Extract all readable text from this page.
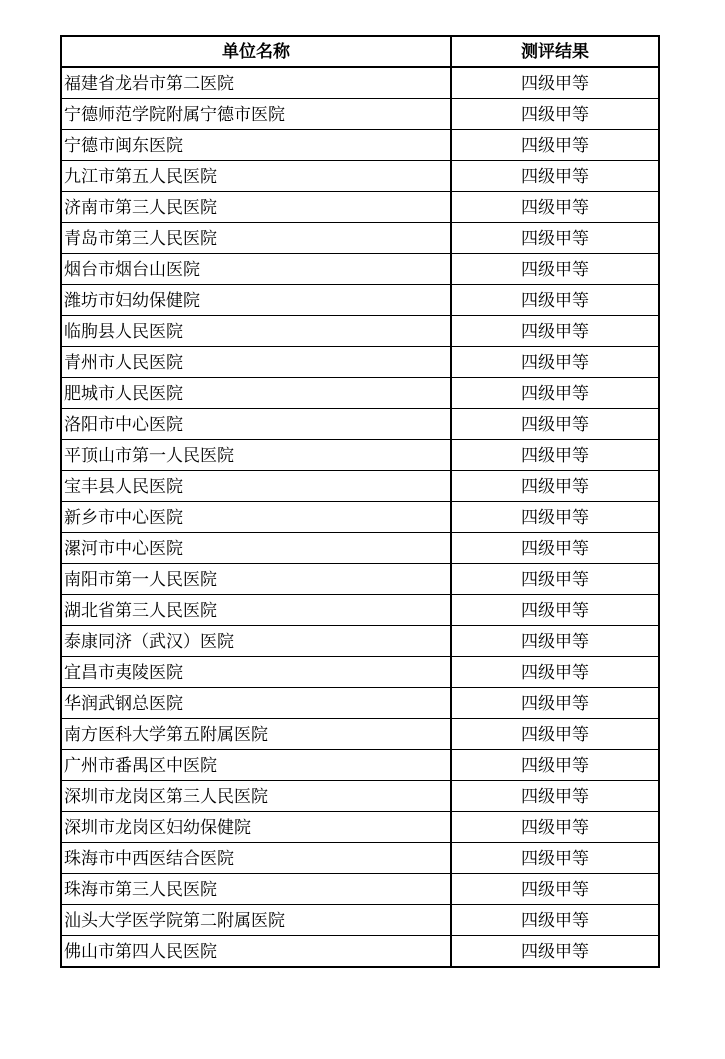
单位名称	测评结果
福建省龙岩市第二医院	四级甲等
宁德师范学院附属宁德市医院	四级甲等
宁德市闽东医院	四级甲等
九江市第五人民医院	四级甲等
济南市第三人民医院	四级甲等
青岛市第三人民医院	四级甲等
烟台市烟台山医院	四级甲等
潍坊市妇幼保健院	四级甲等
临朐县人民医院	四级甲等
青州市人民医院	四级甲等
肥城市人民医院	四级甲等
洛阳市中心医院	四级甲等
平顶山市第一人民医院	四级甲等
宝丰县人民医院	四级甲等
新乡市中心医院	四级甲等
漯河市中心医院	四级甲等
南阳市第一人民医院	四级甲等
湖北省第三人民医院	四级甲等
泰康同济（武汉）医院	四级甲等
宜昌市夷陵医院	四级甲等
华润武钢总医院	四级甲等
南方医科大学第五附属医院	四级甲等
广州市番禺区中医院	四级甲等
深圳市龙岗区第三人民医院	四级甲等
深圳市龙岗区妇幼保健院	四级甲等
珠海市中西医结合医院	四级甲等
珠海市第三人民医院	四级甲等
汕头大学医学院第二附属医院	四级甲等
佛山市第四人民医院	四级甲等
